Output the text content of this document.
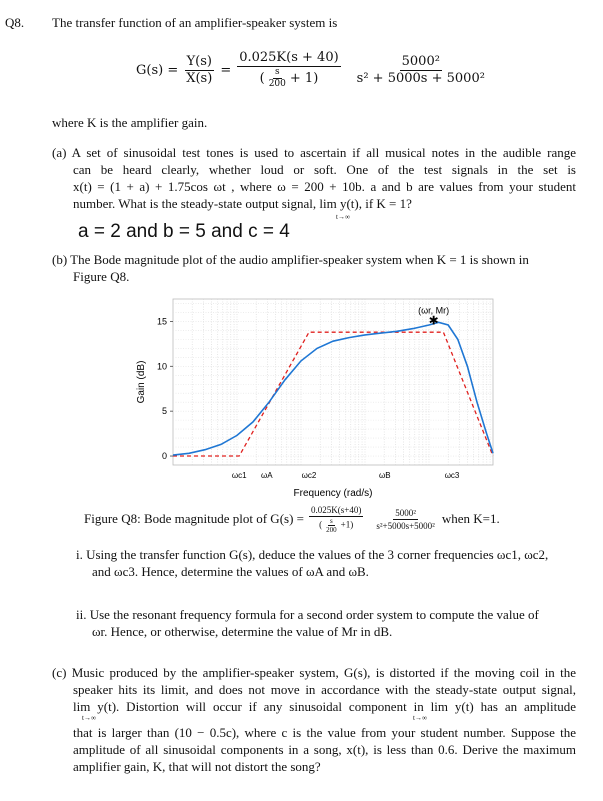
Q8. The transfer function of an amplifier-speaker system is
$G(s) = \frac{Y(s)}{X(s)} = \frac{0.025K(s + 40)}{( \frac{s}{200} + 1)} \frac{\text{5000²}}{\text{s² + 5000s + 5000²}}$
where K is the amplifier gain.
(a) A set of sinusoidal test tones is used to ascertain if all musical notes in the audible range
can be heard clearly, whether loud or soft. One of the test signals in the set is
x(t) = (1 + a) + 1.75cos ωt , where ω = 200 + 10b. a and b are values from your student
number. What is the steady-state output signal, lim y(t), if K = 1?
t→∞
a = 2 and b = 5 and c = 4
(b) The Bode magnitude plot of the audio amplifier-speaker system when K = 1 is shown in
Figure Q8.
0
5
10
15
ωc1 ωA	ωc2	ωB	ωc3
Gain (dB)
Frequency (rad/s)
(ωr, Mr)
✱
Figure Q8: Bode magnitude plot of $G(s) = \frac{0.025K(s+40)}{( \frac{s}{200} +1)} \frac{\text{5000²}}{\text{s²+5000s+5000²}}$ when K=1.
i. Using the transfer function G(s), deduce the values of the 3 corner frequencies ωc1, ωc2,
and ωc3. Hence, determine the values of ωA and ωB.
ii. Use the resonant frequency formula for a second order system to compute the value of
ωr. Hence, or otherwise, determine the value of Mr in dB.
(c) Music produced by the amplifier-speaker system, G(s), is distorted if the moving coil in the
speaker hits its limit, and does not move in accordance with the steady-state output signal,
lim y(t). Distortion will occur if any sinusoidal component in lim y(t) has an amplitude
that is larger than (10 − 0.5c), where c is the value from your student number. Suppose the
amplitude of all sinusoidal components in a song, x(t), is less than 0.6. Derive the maximum
amplifier gain, K, that will not distort the song?
t→∞	t→∞
